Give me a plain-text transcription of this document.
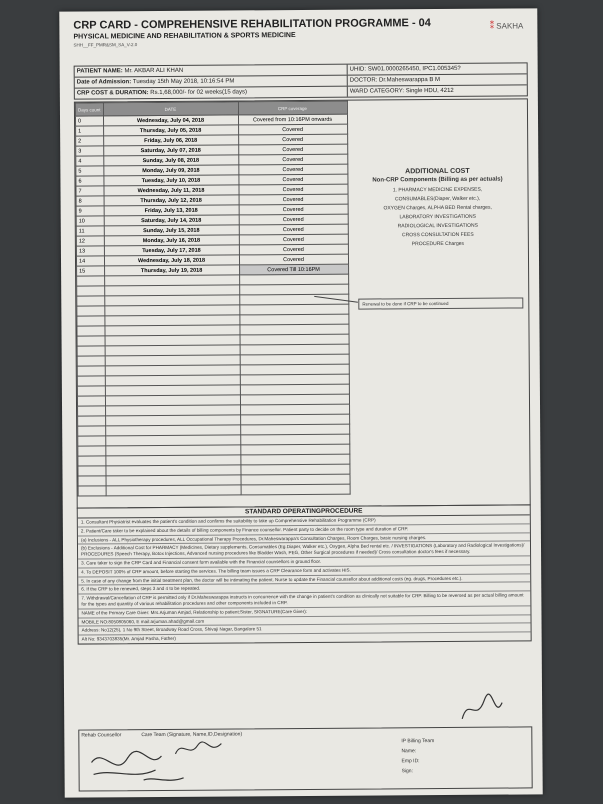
CRP CARD - COMPREHENSIVE REHABILITATION PROGRAMME - 04
PHYSICAL MEDICINE AND REHABILITATION & SPORTS MEDICINE
SHH__FF_PMR&SM_SA_V-2.0
⁑ SAKHA
PATIENT NAME: Mr. AKBAR ALI KHAN	UHID: SW01.0000265450, IPC1.005345?
Date of Admission: Tuesday 15th May 2018, 10:16:54 PM	DOCTOR: Dr.Maheswarappa B M
CRP COST & DURATION: Rs.1,68,000/- for 02 weeks(15 days)	WARD CATEGORY: Single HDU, 4212
Days count	DATE	CRP coverage
0	Wednesday, July 04, 2018	Covered from 10:16PM onwards
1	Thursday, July 05, 2018	Covered
2	Friday, July 06, 2018	Covered
3	Saturday, July 07, 2018	Covered
4	Sunday, July 08, 2018	Covered
5	Monday, July 09, 2018	Covered
6	Tuesday, July 10, 2018	Covered
7	Wednesday, July 11, 2018	Covered
8	Thursday, July 12, 2018	Covered
9	Friday, July 13, 2018	Covered
10	Saturday, July 14, 2018	Covered
11	Sunday, July 15, 2018	Covered
12	Monday, July 16, 2018	Covered
13	Tuesday, July 17, 2018	Covered
14	Wednesday, July 18, 2018	Covered
15	Thursday, July 19, 2018	Covered Till 10:16PM

ADDITIONAL COST
Non-CRP Components (Billing as per actuals)
1. PHARMACY MEDICINE EXPENSES,
CONSUMABLES(Diaper, Walker etc.),
OXYGEN Charges, ALPHA BED Rental charges,
LABORATORY INVESTIGATIONS
RADIOLOGICAL INVESTIGATIONS
CROSS CONSULTATION FEES
PROCEDURE Charges
Renewal to be done if CRP to be continued
STANDARD OPERATINGPROCEDURE
1. Consultant Physiatrist evaluates the patient's condition and confirms the suitability to take up Comprehensive Rehabilitation Programme (CRP)
2. Patient/Care taker to be explained about the details of billing components by Finance counsellor. Patient party to decide on the room type and duration of CRP.
(a) Inclusions - ALL Physiotherapy procedures, ALL Occupational Therapy Procedures, Dr.Maheswarappa's Consultation Charges, Room Charges, basic nursing charges.
(b) Exclusions - Additional Cost for PHARMACY (Medicines, Dietary supplements, Consumables (Eg.Diaper, Walker etc.), Oxygen, Alpha Bed rental etc. / INVESTIGATIONS (Laboratory and Radiological Investigations)/ PROCEDURES (Speech Therapy, Botox Injections, Advanced nursing procedures like Bladder Wash, PEG, Other Surgical procedures if needed)/ Cross consultation doctor's fees if necessary.
3. Care taker to sign the CRP Card and Financial consent form available with the Financial counsellors in ground floor.
4. To DEPOSIT 100% of CRP amount, before starting the services. The billing team issues a CRP Clearance form and activates HIS.
5. In case of any change from the initial treatment plan, the doctor will be intimating the patient. Nurse to update the Financial counsellor about additional costs (eg. drugs, Procedures etc.).
6. If the CRP to be renewed, steps 3 and 4 to be repeated.
7. Withdrawal/Cancellation of CRP is permitted only if Dr.Maheswarappa instructs in concurrence with the change in patient's condition as clinically not suitable for CRP. Billing to be reversed as per actual billing amount for the types and quantity of various rehabilitation procedures and other components included in CRP.
NAME of the Primary Care Giver: Mrs.Arjuman Amjad, Relationship to patient:Sister, SIGNATURE(Care Giver):
MOBILE NO:8050805060, E mail:arjuman.ahad@gmail.com
Address: No12(25), 1 No 9th Street, Broadway Road Cross, Shivaji Nagar, Bangalore 51
Alt No: 9343703835(Mr. Amjad Pasha, Father)
Rehab Counsellor	Care Team (Signature, Name,ID,Designation)
IP Billing Team
Name:
Emp ID:
Sign:
